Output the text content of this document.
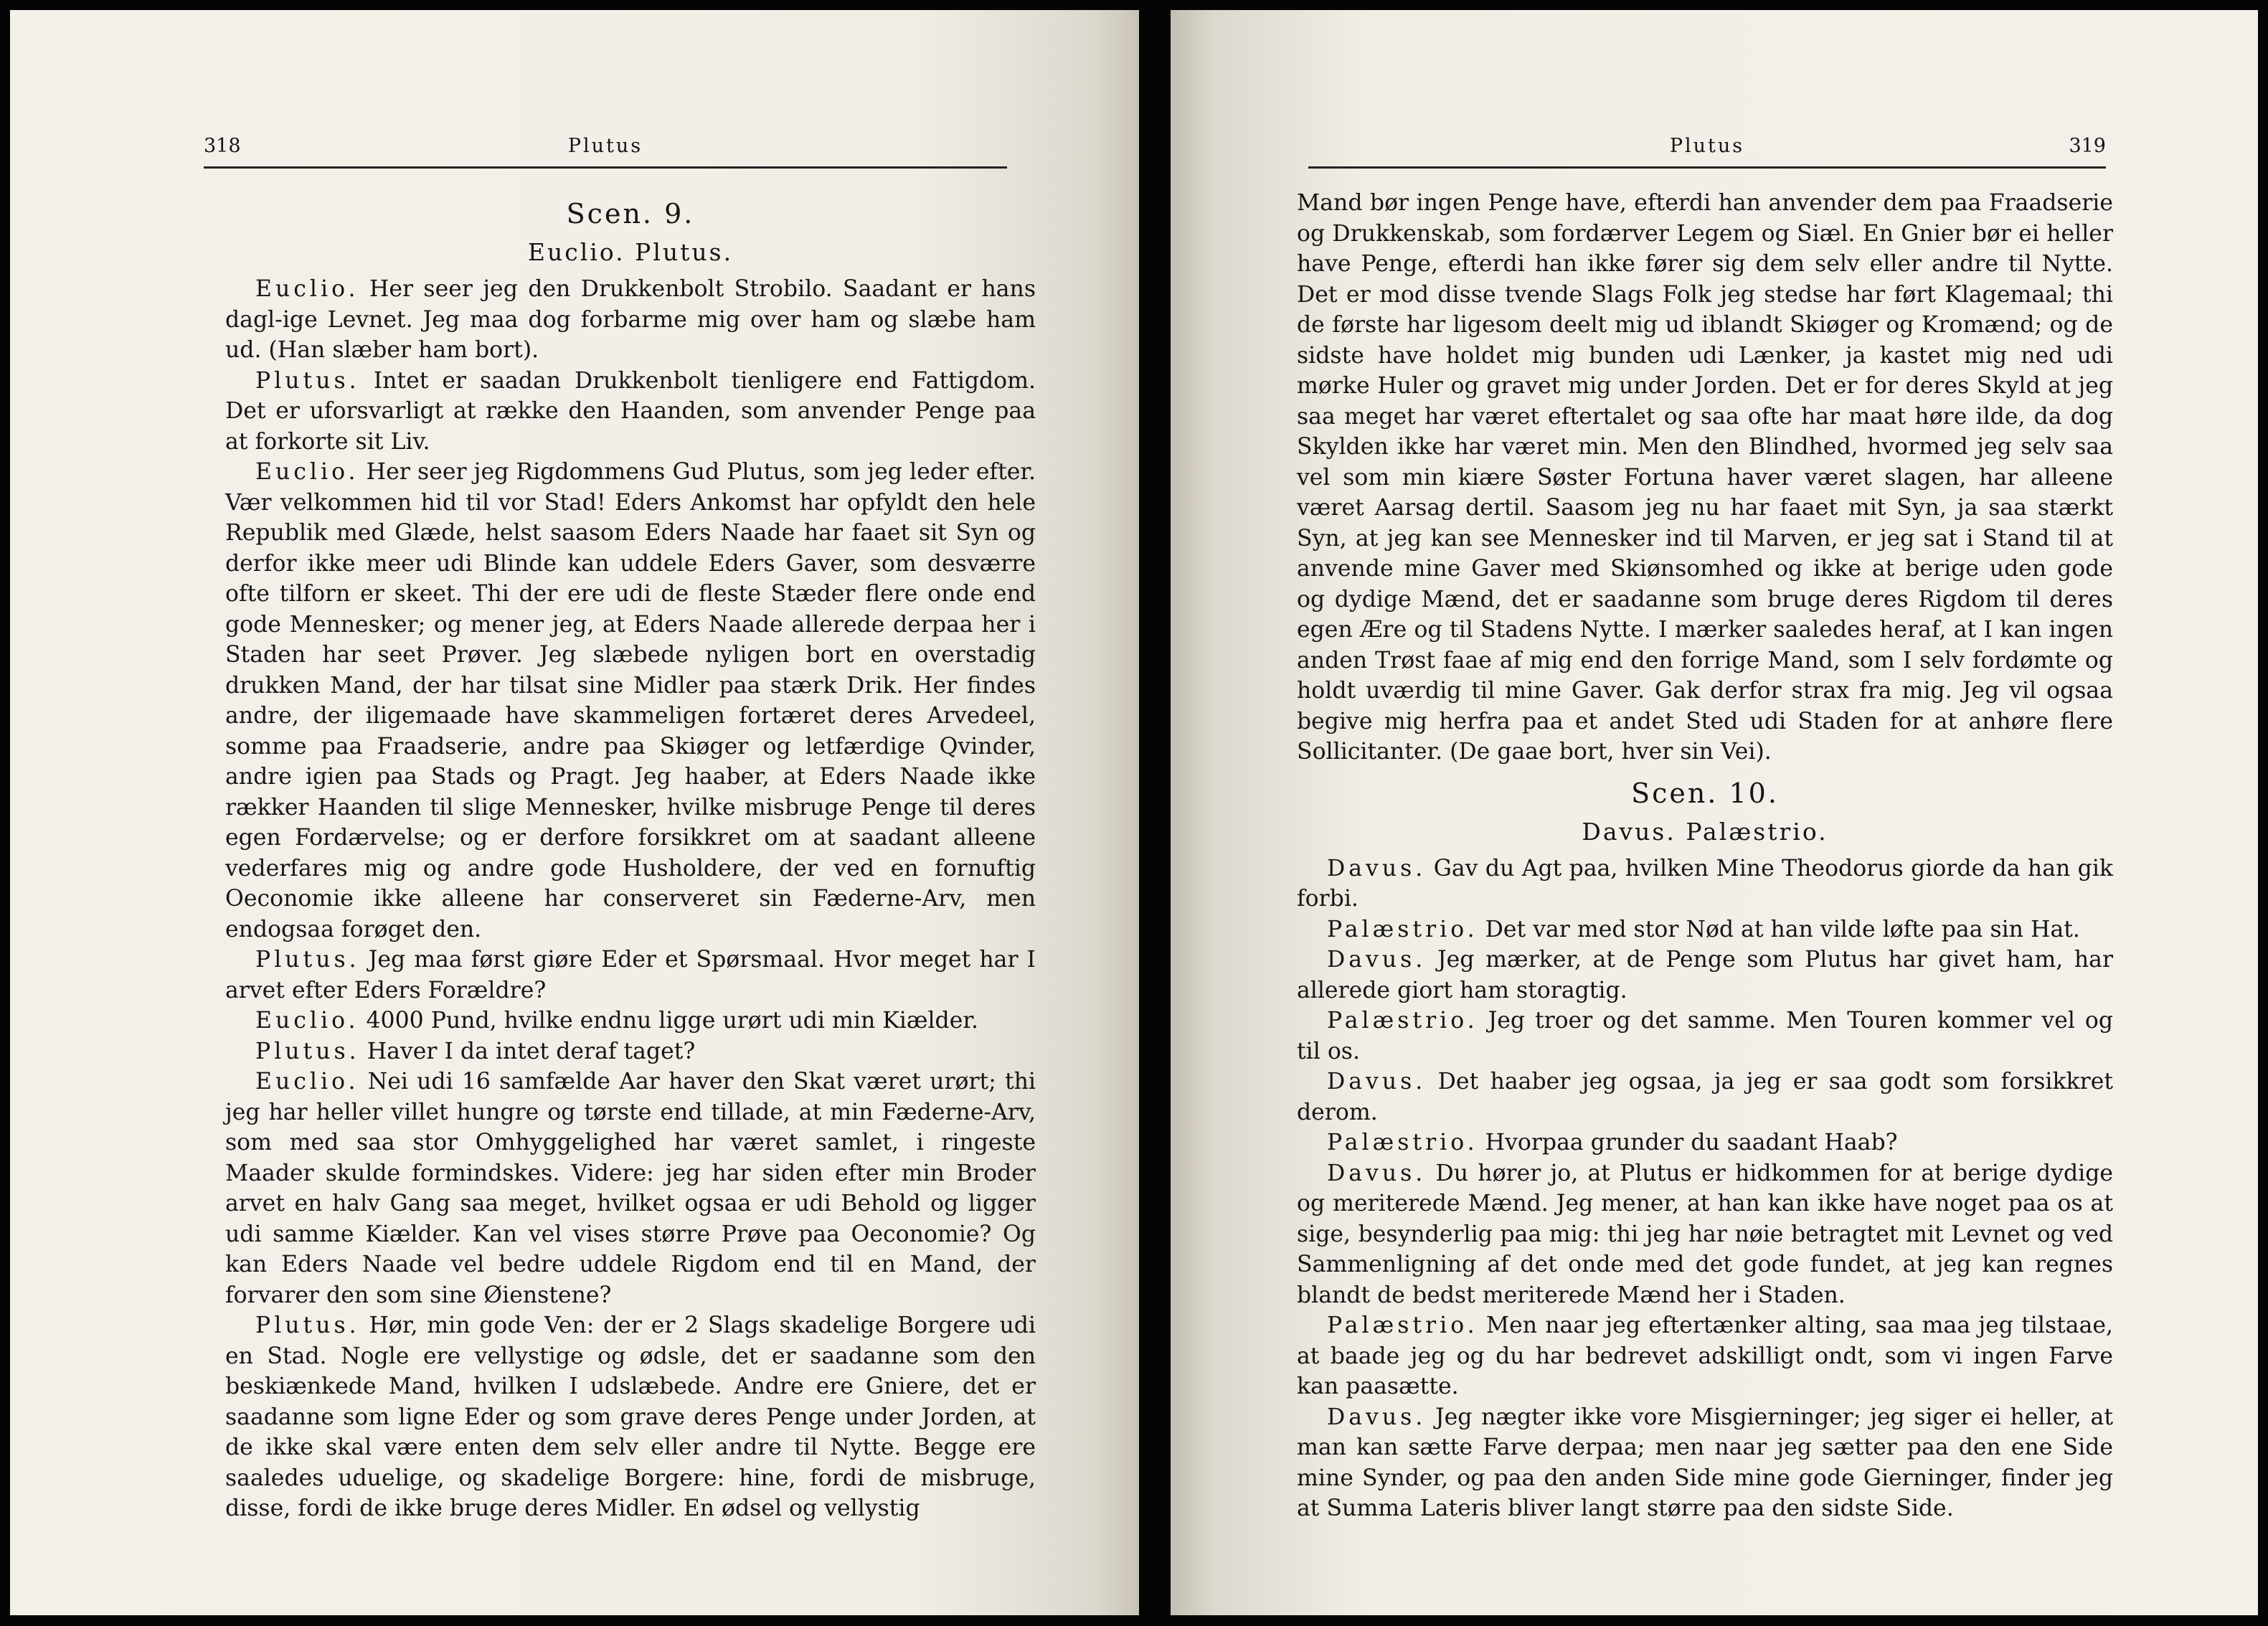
318	Plutus
Scen. 9.
Euclio. Plutus.

Euclio. Her seer jeg den Drukkenbolt Strobilo. Saadant er hans dagl-ige Levnet. Jeg maa dog forbarme mig over ham og slæbe ham ud. (Han slæber ham bort).

Plutus. Intet er saadan Drukkenbolt tienligere end Fattigdom. Det er uforsvarligt at række den Haanden, som anvender Penge paa at forkorte sit Liv.

Euclio. Her seer jeg Rigdommens Gud Plutus, som jeg leder efter. Vær velkommen hid til vor Stad! Eders Ankomst har opfyldt den hele Republik med Glæde, helst saasom Eders Naade har faaet sit Syn og derfor ikke meer udi Blinde kan uddele Eders Gaver, som desværre ofte tilforn er skeet. Thi der ere udi de fleste Stæder flere onde end gode Mennesker; og mener jeg, at Eders Naade allerede derpaa her i Staden har seet Prøver. Jeg slæbede nyligen bort en overstadig drukken Mand, der har tilsat sine Midler paa stærk Drik. Her findes andre, der iligemaade have skammeligen fortæret deres Arvedeel, somme paa Fraadserie, andre paa Skiøger og letfærdige Qvinder, andre igien paa Stads og Pragt. Jeg haaber, at Eders Naade ikke rækker Haanden til slige Mennesker, hvilke misbruge Penge til deres egen Fordærvelse; og er derfore forsikkret om at saadant alleene vederfares mig og andre gode Husholdere, der ved en fornuftig Oeconomie ikke alleene har conserveret sin Fæderne-Arv, men endogsaa forøget den.

Plutus. Jeg maa først giøre Eder et Spørsmaal. Hvor meget har I arvet efter Eders Forældre?

Euclio. 4000 Pund, hvilke endnu ligge urørt udi min Kiælder.

Plutus. Haver I da intet deraf taget?

Euclio. Nei udi 16 samfælde Aar haver den Skat været urørt; thi jeg har heller villet hungre og tørste end tillade, at min Fæderne-Arv, som med saa stor Omhyggelighed har været samlet, i ringeste Maader skulde formindskes. Videre: jeg har siden efter min Broder arvet en halv Gang saa meget, hvilket ogsaa er udi Behold og ligger udi samme Kiælder. Kan vel vises større Prøve paa Oeconomie? Og kan Eders Naade vel bedre uddele Rigdom end til en Mand, der forvarer den som sine Øienstene?

Plutus. Hør, min gode Ven: der er 2 Slags skadelige Borgere udi en Stad. Nogle ere vellystige og ødsle, det er saadanne som den beskiænkede Mand, hvilken I udslæbede. Andre ere Gniere, det er saadanne som ligne Eder og som grave deres Penge under Jorden, at de ikke skal være enten dem selv eller andre til Nytte. Begge ere saaledes uduelige, og skadelige Borgere: hine, fordi de misbruge, disse, fordi de ikke bruge deres Midler. En ødsel og vellystig

Plutus	319

Mand bør ingen Penge have, efterdi han anvender dem paa Fraadserie og Drukkenskab, som fordærver Legem og Siæl. En Gnier bør ei heller have Penge, efterdi han ikke fører sig dem selv eller andre til Nytte. Det er mod disse tvende Slags Folk jeg stedse har ført Klagemaal; thi de første har ligesom deelt mig ud iblandt Skiøger og Kromænd; og de sidste have holdet mig bunden udi Lænker, ja kastet mig ned udi mørke Huler og gravet mig under Jorden. Det er for deres Skyld at jeg saa meget har været eftertalet og saa ofte har maat høre ilde, da dog Skylden ikke har været min. Men den Blindhed, hvormed jeg selv saa vel som min kiære Søster Fortuna haver været slagen, har alleene været Aarsag dertil. Saasom jeg nu har faaet mit Syn, ja saa stærkt Syn, at jeg kan see Mennesker ind til Marven, er jeg sat i Stand til at anvende mine Gaver med Skiønsomhed og ikke at berige uden gode og dydige Mænd, det er saadanne som bruge deres Rigdom til deres egen Ære og til Stadens Nytte. I mærker saaledes heraf, at I kan ingen anden Trøst faae af mig end den forrige Mand, som I selv fordømte og holdt uværdig til mine Gaver. Gak derfor strax fra mig. Jeg vil ogsaa begive mig herfra paa et andet Sted udi Staden for at anhøre flere Sollicitanter. (De gaae bort, hver sin Vei).

Scen. 10.
Davus. Palæstrio.

Davus. Gav du Agt paa, hvilken Mine Theodorus giorde da han gik forbi.

Palæstrio. Det var med stor Nød at han vilde løfte paa sin Hat.

Davus. Jeg mærker, at de Penge som Plutus har givet ham, har allerede giort ham storagtig.

Palæstrio. Jeg troer og det samme. Men Touren kommer vel og til os.

Davus. Det haaber jeg ogsaa, ja jeg er saa godt som forsikkret derom.

Palæstrio. Hvorpaa grunder du saadant Haab?

Davus. Du hører jo, at Plutus er hidkommen for at berige dydige og meriterede Mænd. Jeg mener, at han kan ikke have noget paa os at sige, besynderlig paa mig: thi jeg har nøie betragtet mit Levnet og ved Sammenligning af det onde med det gode fundet, at jeg kan regnes blandt de bedst meriterede Mænd her i Staden.

Palæstrio. Men naar jeg eftertænker alting, saa maa jeg tilstaae, at baade jeg og du har bedrevet adskilligt ondt, som vi ingen Farve kan paasætte.

Davus. Jeg nægter ikke vore Misgierninger; jeg siger ei heller, at man kan sætte Farve derpaa; men naar jeg sætter paa den ene Side mine Synder, og paa den anden Side mine gode Gierninger, finder jeg at Summa Lateris bliver langt større paa den sidste Side.
